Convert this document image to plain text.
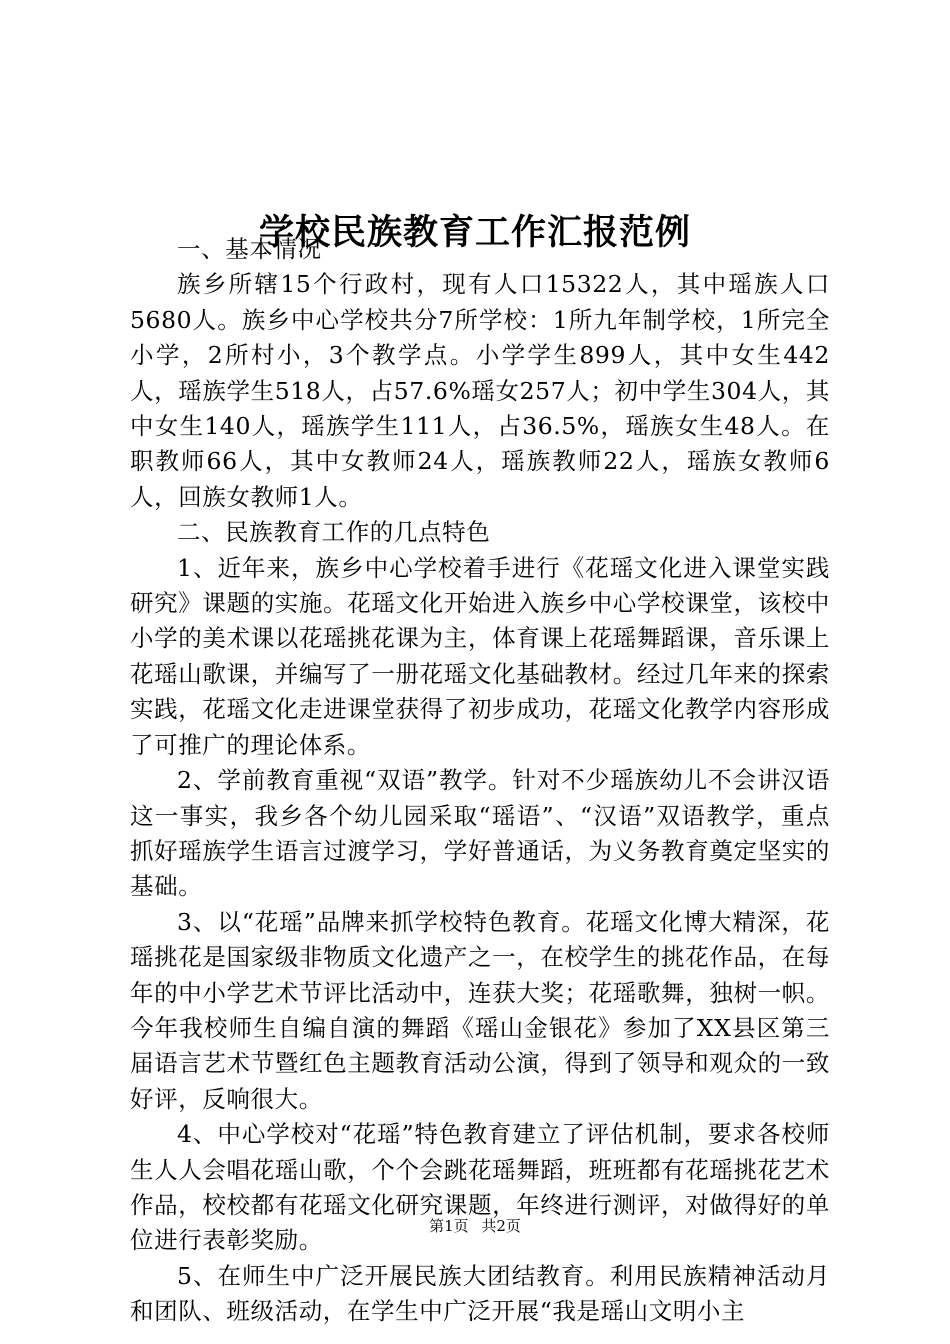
学校民族教育工作汇报范例

一、基本情况

族乡所辖15个行政村，现有人口15322人，其中瑶族人口5680人。族乡中心学校共分7所学校：1所九年制学校，1所完全小学，2所村小，3个教学点。小学学生899人，其中女生442人，瑶族学生518人，占57.6%瑶女257人；初中学生304人，其中女生140人，瑶族学生111人，占36.5%，瑶族女生48人。在职教师66人，其中女教师24人，瑶族教师22人，瑶族女教师6人，回族女教师1人。

二、民族教育工作的几点特色

1、近年来，族乡中心学校着手进行《花瑶文化进入课堂实践研究》课题的实施。花瑶文化开始进入族乡中心学校课堂，该校中小学的美术课以花瑶挑花课为主，体育课上花瑶舞蹈课，音乐课上花瑶山歌课，并编写了一册花瑶文化基础教材。经过几年来的探索实践，花瑶文化走进课堂获得了初步成功，花瑶文化教学内容形成了可推广的理论体系。

2、学前教育重视“双语”教学。针对不少瑶族幼儿不会讲汉语这一事实，我乡各个幼儿园采取“瑶语”、“汉语”双语教学，重点抓好瑶族学生语言过渡学习，学好普通话，为义务教育奠定坚实的基础。

3、以“花瑶”品牌来抓学校特色教育。花瑶文化博大精深，花瑶挑花是国家级非物质文化遗产之一，在校学生的挑花作品，在每年的中小学艺术节评比活动中，连获大奖；花瑶歌舞，独树一帜。今年我校师生自编自演的舞蹈《瑶山金银花》参加了XX县区第三届语言艺术节暨红色主题教育活动公演，得到了领导和观众的一致好评，反响很大。

4、中心学校对“花瑶”特色教育建立了评估机制，要求各校师生人人会唱花瑶山歌，个个会跳花瑶舞蹈，班班都有花瑶挑花艺术作品，校校都有花瑶文化研究课题，年终进行测评，对做得好的单位进行表彰奖励。

5、在师生中广泛开展民族大团结教育。利用民族精神活动月和团队、班级活动，在学生中广泛开展“我是瑶山文明小主

第1页 共2页
